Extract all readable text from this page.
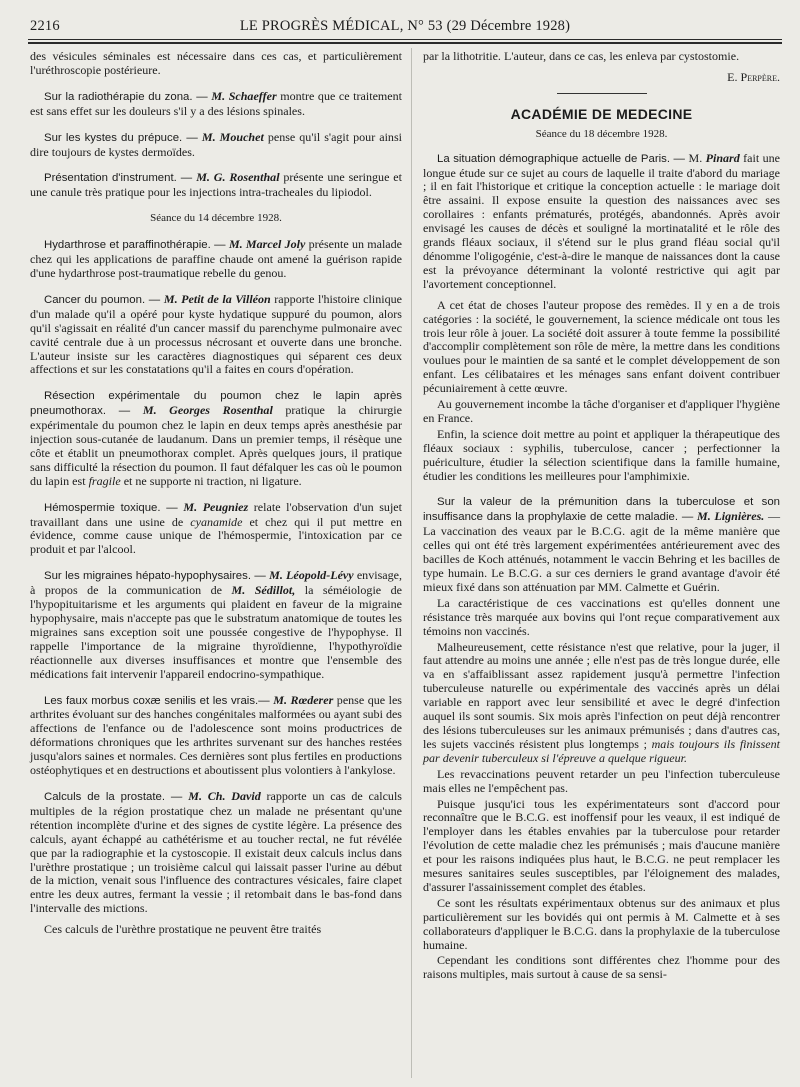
2216	LE PROGRÈS MÉDICAL, N° 53 (29 Décembre 1928)

des vésicules séminales est nécessaire dans ces cas, et particulièrement l'uréthroscopie postérieure.

Sur la radiothérapie du zona. — M. Schaeffer montre que ce traitement est sans effet sur les douleurs s'il y a des lésions spinales.

Sur les kystes du prépuce. — M. Mouchet pense qu'il s'agit pour ainsi dire toujours de kystes dermoïdes.

Présentation d'instrument. — M. G. Rosenthal présente une seringue et une canule très pratique pour les injections intra-tracheales du lipiodol.

Séance du 14 décembre 1928.

Hydarthrose et paraffinothérapie. — M. Marcel Joly présente un malade chez qui les applications de paraffine chaude ont amené la guérison rapide d'une hydarthrose post-traumatique rebelle du genou.

Cancer du poumon. — M. Petit de la Villéon rapporte l'histoire clinique d'un malade qu'il a opéré pour kyste hydatique suppuré du poumon, alors qu'il s'agissait en réalité d'un cancer massif du parenchyme pulmonaire avec cavité centrale due à un processus nécrosant et ouverte dans une bronche. L'auteur insiste sur les caractères diagnostiques qui séparent ces deux affections et sur les constatations qu'il a faites en cours d'opération.

Résection expérimentale du poumon chez le lapin après pneumothorax. — M. Georges Rosenthal pratique la chirurgie expérimentale du poumon chez le lapin en deux temps après anesthésie par injection sous-cutanée de laudanum. Dans un premier temps, il résèque une côte et établit un pneumothorax complet. Après quelques jours, il pratique sans difficulté la résection du poumon. Il faut défalquer les cas où le poumon du lapin est fragile et ne supporte ni traction, ni ligature.

Hémospermie toxique. — M. Peugniez relate l'observation d'un sujet travaillant dans une usine de cyanamide et chez qui il put mettre en évidence, comme cause unique de l'hémospermie, l'intoxication par ce produit et par l'alcool.

Sur les migraines hépato-hypophysaires. — M. Léopold-Lévy envisage, à propos de la communication de M. Sédillot, la séméiologie de l'hypopituitarisme et les arguments qui plaident en faveur de la migraine hypophysaire, mais n'accepte pas que le substratum anatomique de toutes les migraines sans exception soit une poussée congestive de l'hypophyse. Il rappelle l'importance de la migraine thyroïdienne, l'hypothyroïdie réactionnelle aux diverses insuffisances et montre que l'ensemble des médications fait intervenir l'appareil endocrino-sympathique.

Les faux morbus coxæ senilis et les vrais.— M. Rœderer pense que les arthrites évoluant sur des hanches congénitales malformées ou ayant subi des affections de l'enfance ou de l'adolescence sont moins productrices de déformations chroniques que les arthrites survenant sur des hanches restées jusqu'alors saines et normales. Ces dernières sont plus fertiles en productions ostéophytiques et en destructions et aboutissent plus volontiers à l'ankylose.

Calculs de la prostate. — M. Ch. David rapporte un cas de calculs multiples de la région prostatique chez un malade ne présentant qu'une rétention incomplète d'urine et des signes de cystite légère. La présence des calculs, ayant échappé au cathétérisme et au toucher rectal, ne fut révélée que par la radiographie et la cystoscopie. Il existait deux calculs inclus dans l'urèthre prostatique ; un troisième calcul qui laissait passer l'urine au début de la miction, venait sous l'influence des contractures vésicales, faire clapet entre les deux autres, fermant la vessie ; il retombait dans le bas-fond dans l'intervalle des mictions.

Ces calculs de l'urèthre prostatique ne peuvent être traités

par la lithotritie. L'auteur, dans ce cas, les enleva par cystostomie.

E. Perpère.

ACADÉMIE DE MEDECINE

Séance du 18 décembre 1928.

La situation démographique actuelle de Paris. — M. Pinard fait une longue étude sur ce sujet au cours de laquelle il traite d'abord du mariage ; il en fait l'historique et critique la conception actuelle : le mariage doit être assaini. Il expose ensuite la question des naissances avec ses corollaires : enfants prématurés, protégés, abandonnés. Après avoir envisagé les causes de décès et souligné la mortinatalité et le rôle des grands fléaux sociaux, il s'étend sur le plus grand fléau social qu'il dénomme l'oligogénie, c'est-à-dire le manque de naissances dont la cause est la prévoyance déterminant la volonté restrictive qui agit par l'avortement conceptionnel.

A cet état de choses l'auteur propose des remèdes. Il y en a de trois catégories : la société, le gouvernement, la science médicale ont tous les trois leur rôle à jouer. La société doit assurer à toute femme la possibilité d'accomplir complètement son rôle de mère, la mettre dans les conditions voulues pour le maintien de sa santé et le complet développement de son enfant. Les célibataires et les ménages sans enfant doivent contribuer pécuniairement à cette œuvre.

Au gouvernement incombe la tâche d'organiser et d'appliquer l'hygiène en France.

Enfin, la science doit mettre au point et appliquer la thérapeutique des fléaux sociaux : syphilis, tuberculose, cancer ; perfectionner la puériculture, étudier la sélection scientifique dans la famille humaine, étudier les conditions les meilleures pour l'amphimixie.

Sur la valeur de la prémunition dans la tuberculose et son insuffisance dans la prophylaxie de cette maladie. — M. Lignières. — La vaccination des veaux par le B.C.G. agit de la même manière que celles qui ont été très largement expérimentées antérieurement avec des bacilles de Koch atténués, notamment le vaccin Behring et les bacilles de type humain. Le B.C.G. a sur ces derniers le grand avantage d'avoir été mieux fixé dans son atténuation par MM. Calmette et Guérin.

La caractéristique de ces vaccinations est qu'elles donnent une résistance très marquée aux bovins qui l'ont reçue comparativement aux témoins non vaccinés.

Malheureusement, cette résistance n'est que relative, pour la juger, il faut attendre au moins une année ; elle n'est pas de très longue durée, elle va en s'affaiblissant assez rapidement jusqu'à permettre l'infection tuberculeuse naturelle ou expérimentale des vaccinés après un délai variable en rapport avec leur sensibilité et avec le degré d'infection auquel ils sont soumis. Six mois après l'infection on peut déjà rencontrer des lésions tuberculeuses sur les animaux prémunisés ; dans d'autres cas, les sujets vaccinés résistent plus longtemps ; mais toujours ils finissent par devenir tuberculeux si l'épreuve a quelque rigueur.

Les revaccinations peuvent retarder un peu l'infection tuberculeuse mais elles ne l'empêchent pas.

Puisque jusqu'ici tous les expérimentateurs sont d'accord pour reconnaître que le B.C.G. est inoffensif pour les veaux, il est indiqué de l'employer dans les étables envahies par la tuberculose pour retarder l'évolution de cette maladie chez les prémunisés ; mais d'aucune manière et pour les raisons indiquées plus haut, le B.C.G. ne peut remplacer les mesures sanitaires seules susceptibles, par l'éloignement des malades, d'assurer l'assainissement complet des étables.

Ce sont les résultats expérimentaux obtenus sur des animaux et plus particulièrement sur les bovidés qui ont permis à M. Calmette et à ses collaborateurs d'appliquer le B.C.G. dans la prophylaxie de la tuberculose humaine.

Cependant les conditions sont différentes chez l'homme pour des raisons multiples, mais surtout à cause de sa sensi-
